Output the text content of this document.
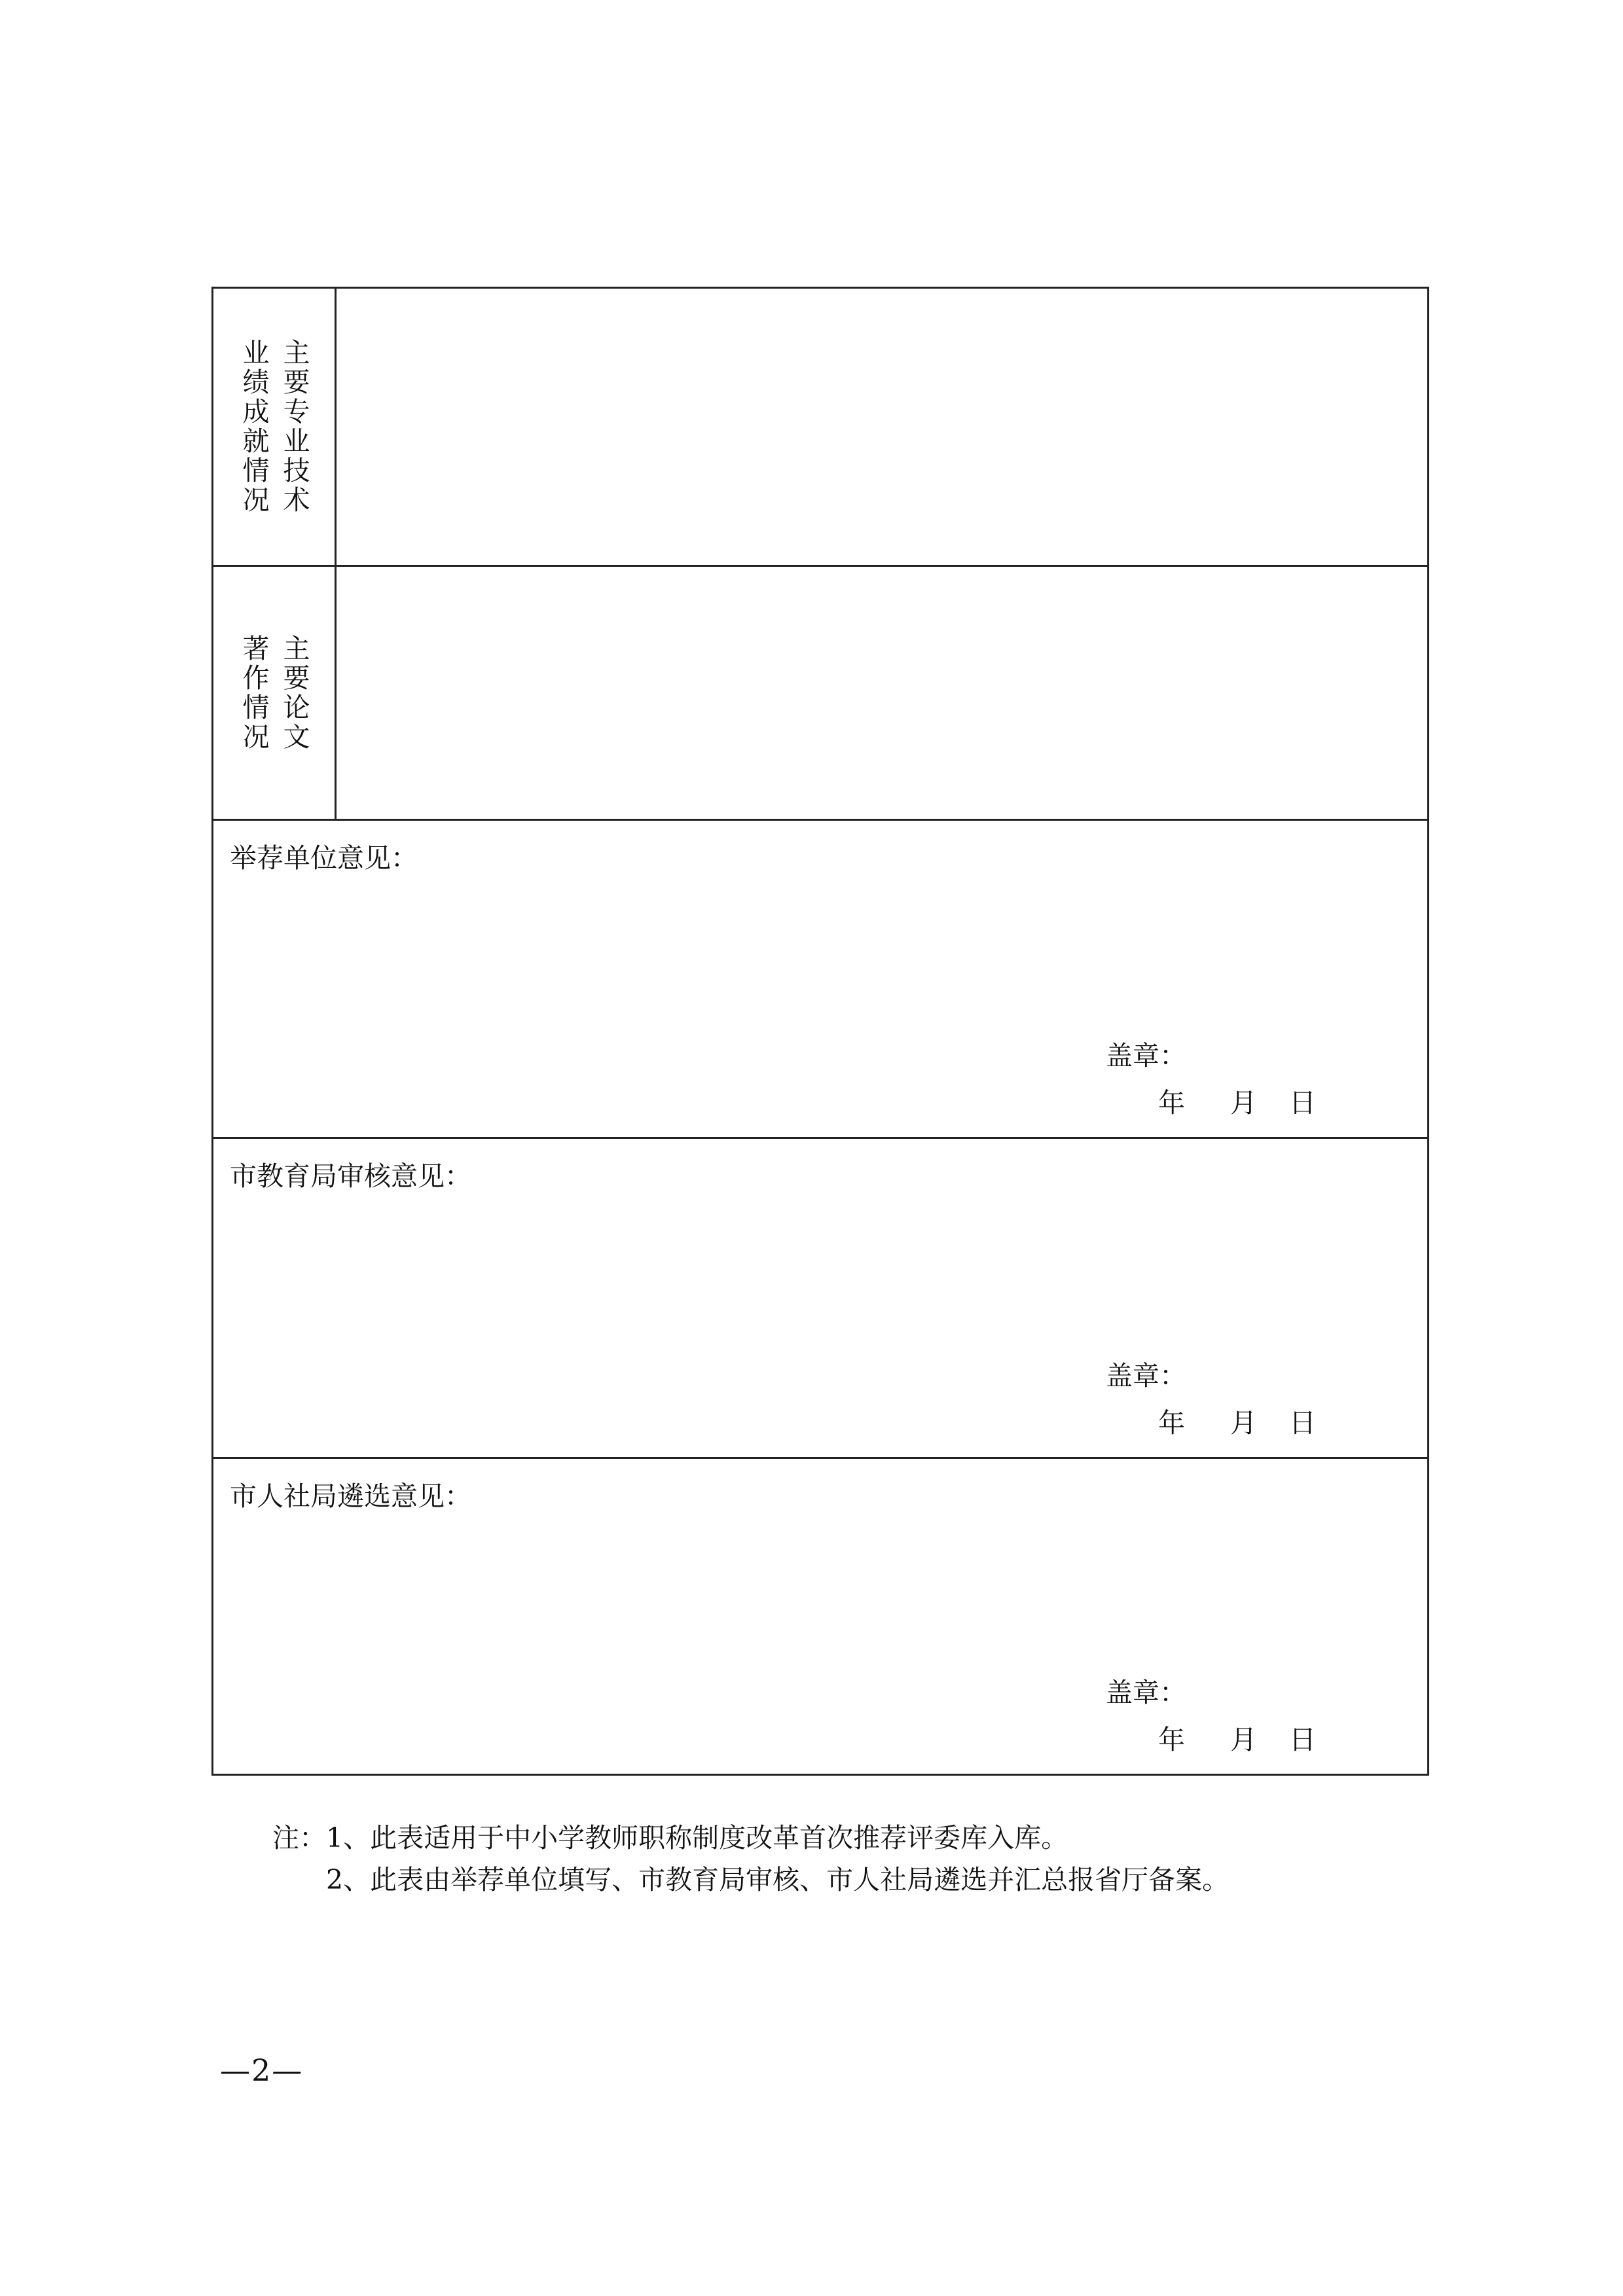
主要专业技术
业绩成就情况
主要论文
著作情况
举荐单位意见：
盖章：
年 月 日
市教育局审核意见：
盖章：
年 月 日
市人社局遴选意见：
盖章：
年 月 日
注：1、此表适用于中小学教师职称制度改革首次推荐评委库入库。
2、此表由举荐单位填写、市教育局审核、市人社局遴选并汇总报省厅备案。
—2—
